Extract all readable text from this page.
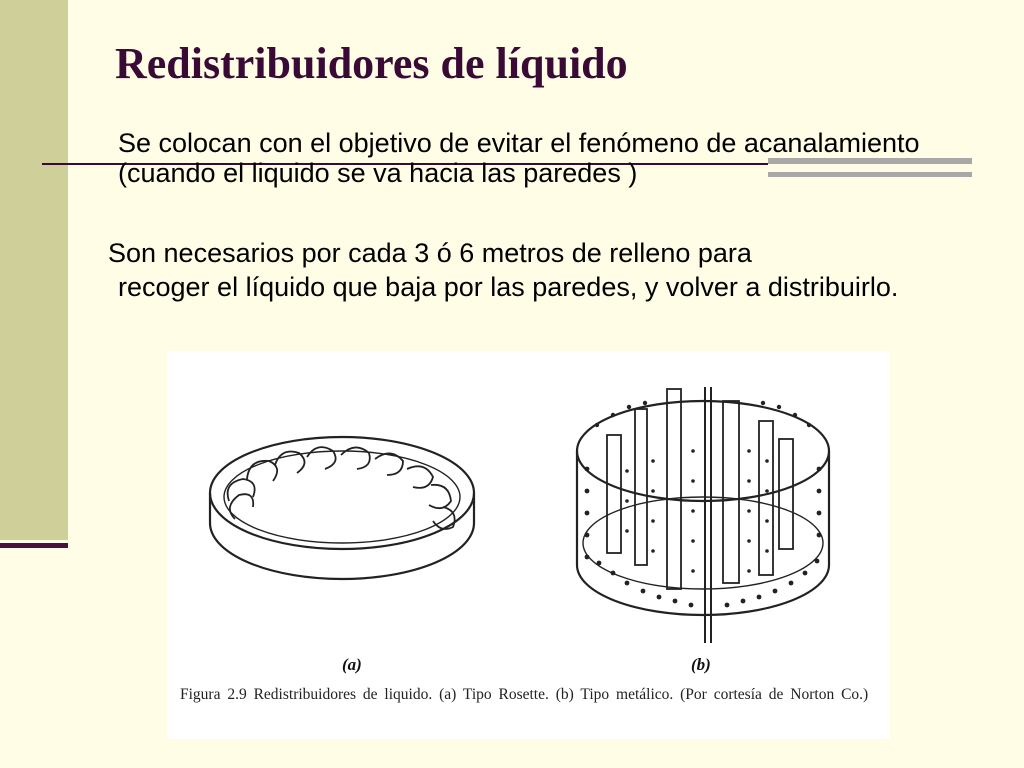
Redistribuidores de líquido

Se colocan con el objetivo de evitar el fenómeno de acanalamiento (cuando el liquido se va hacia las paredes )

Son necesarios por cada 3 ó 6 metros de relleno para
recoger el líquido que baja por las paredes, y volver a distribuirlo.

(a)	(b)
Figura 2.9 Redistribuidores de liquido. (a) Tipo Rosette. (b) Tipo metálico. (Por cortesía de Norton Co.)
